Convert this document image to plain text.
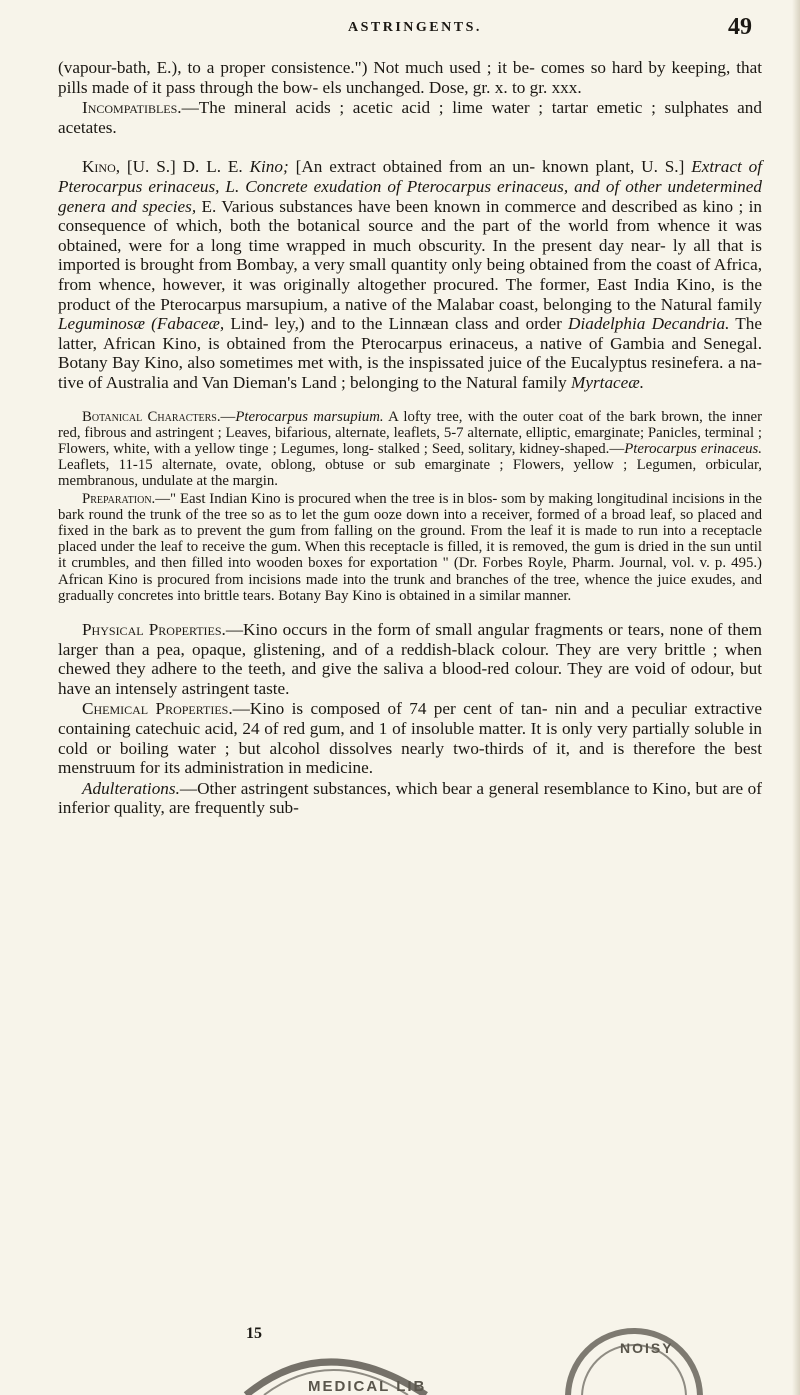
ASTRINGENTS.	49

(vapour-bath, E.), to a proper consistence.") Not much used ; it be- comes so hard by keeping, that pills made of it pass through the bow- els unchanged. Dose, gr. x. to gr. xxx.

Incompatibles.—The mineral acids ; acetic acid ; lime water ; tartar emetic ; sulphates and acetates.

Kino, [U. S.] D. L. E. Kino; [An extract obtained from an un- known plant, U. S.] Extract of Pterocarpus erinaceus, L. Concrete exudation of Pterocarpus erinaceus, and of other undetermined genera and species, E. Various substances have been known in commerce and described as kino ; in consequence of which, both the botanical source and the part of the world from whence it was obtained, were for a long time wrapped in much obscurity. In the present day near- ly all that is imported is brought from Bombay, a very small quantity only being obtained from the coast of Africa, from whence, however, it was originally altogether procured. The former, East India Kino, is the product of the Pterocarpus marsupium, a native of the Malabar coast, belonging to the Natural family Leguminosæ (Fabaceæ, Lind- ley,) and to the Linnæan class and order Diadelphia Decandria. The latter, African Kino, is obtained from the Pterocarpus erinaceus, a native of Gambia and Senegal. Botany Bay Kino, also sometimes met with, is the inspissated juice of the Eucalyptus resinefera. a na- tive of Australia and Van Dieman's Land ; belonging to the Natural family Myrtaceæ.

Botanical Characters.—Pterocarpus marsupium. A lofty tree, with the outer coat of the bark brown, the inner red, fibrous and astringent ; Leaves, bifarious, alternate, leaflets, 5-7 alternate, elliptic, emarginate; Panicles, terminal ; Flowers, white, with a yellow tinge ; Legumes, long- stalked ; Seed, solitary, kidney-shaped.—Pterocarpus erinaceus. Leaflets, 11-15 alternate, ovate, oblong, obtuse or sub emarginate ; Flowers, yellow ; Legumen, orbicular, membranous, undulate at the margin.

Preparation.—" East Indian Kino is procured when the tree is in blos- som by making longitudinal incisions in the bark round the trunk of the tree so as to let the gum ooze down into a receiver, formed of a broad leaf, so placed and fixed in the bark as to prevent the gum from falling on the ground. From the leaf it is made to run into a receptacle placed under the leaf to receive the gum. When this receptacle is filled, it is removed, the gum is dried in the sun until it crumbles, and then filled into wooden boxes for exportation " (Dr. Forbes Royle, Pharm. Journal, vol. v. p. 495.) African Kino is procured from incisions made into the trunk and branches of the tree, whence the juice exudes, and gradually concretes into brittle tears. Botany Bay Kino is obtained in a similar manner.

Physical Properties.—Kino occurs in the form of small angular fragments or tears, none of them larger than a pea, opaque, glistening, and of a reddish-black colour. They are very brittle ; when chewed they adhere to the teeth, and give the saliva a blood-red colour. They are void of odour, but have an intensely astringent taste.

Chemical Properties.—Kino is composed of 74 per cent of tan- nin and a peculiar extractive containing catechuic acid, 24 of red gum, and 1 of insoluble matter. It is only very partially soluble in cold or boiling water ; but alcohol dissolves nearly two-thirds of it, and is therefore the best menstruum for its administration in medicine.

Adulterations.—Other astringent substances, which bear a general resemblance to Kino, but are of inferior quality, are frequently sub-

15
MEDICAL LIB
NOISY
